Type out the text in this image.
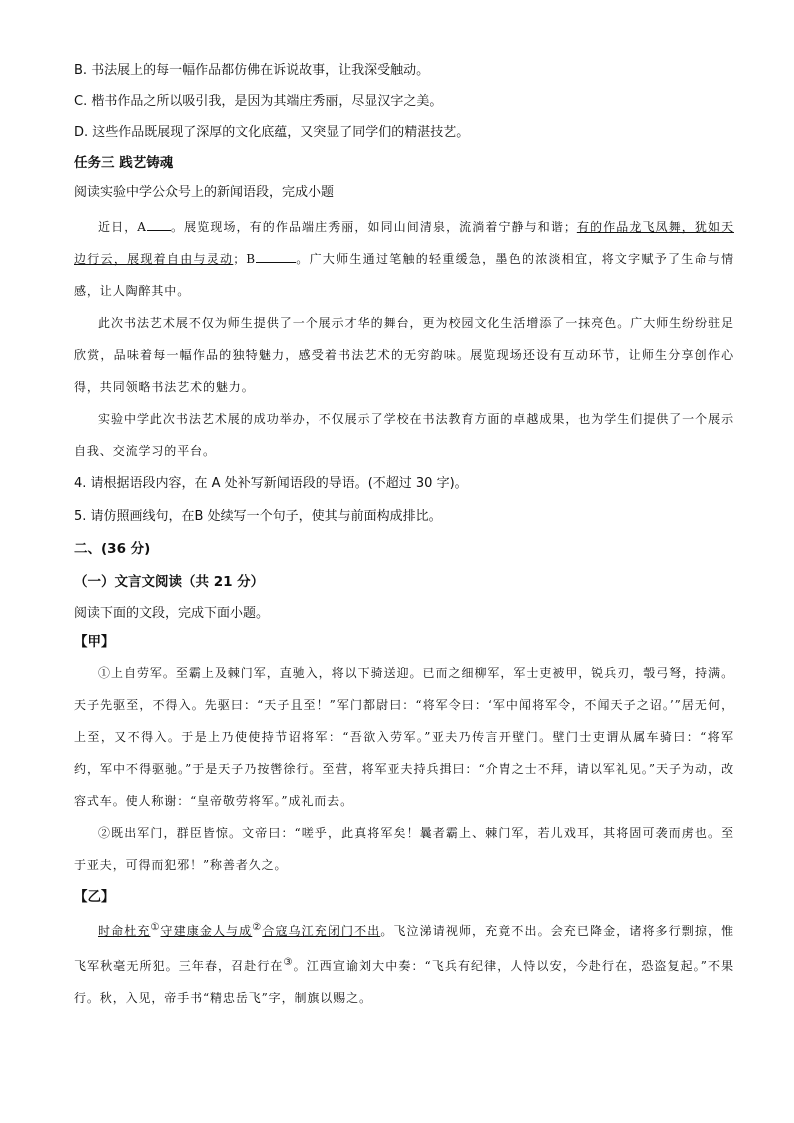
B. 书法展上的每一幅作品都仿佛在诉说故事，让我深受触动。
C. 楷书作品之所以吸引我，是因为其端庄秀丽，尽显汉字之美。
D. 这些作品既展现了深厚的文化底蕴，又突显了同学们的精湛技艺。
任务三 践艺铸魂
阅读实验中学公众号上的新闻语段，完成小题
近日，A 。展览现场，有的作品端庄秀丽，如同山间清泉，流淌着宁静与和谐；有的作品龙飞凤舞，犹如天边行云，展现着自由与灵动；B	。广大师生通过笔触的轻重缓急，墨色的浓淡相宜，将文字赋予了生命与情感，让人陶醉其中。
此次书法艺术展不仅为师生提供了一个展示才华的舞台，更为校园文化生活增添了一抹亮色。广大师生纷纷驻足欣赏，品味着每一幅作品的独特魅力，感受着书法艺术的无穷韵味。展览现场还设有互动环节，让师生分享创作心得，共同领略书法艺术的魅力。
实验中学此次书法艺术展的成功举办，不仅展示了学校在书法教育方面的卓越成果，也为学生们提供了一个展示自我、交流学习的平台。
4. 请根据语段内容，在 A 处补写新闻语段的导语。(不超过 30 字)。
5. 请仿照画线句，在B 处续写一个句子，使其与前面构成排比。
二、(36 分)
（一）文言文阅读（共 21 分）
阅读下面的文段，完成下面小题。
【甲】
①上自劳军。至霸上及棘门军，直驰入，将以下骑送迎。已而之细柳军，军士吏被甲，锐兵刃，彀弓弩，持满。天子先驱至，不得入。先驱曰：“天子且至！”军门都尉曰：“将军令曰：‘军中闻将军令，不闻天子之诏。’”居无何，上至，又不得入。于是上乃使使持节诏将军：“吾欲入劳军。”亚夫乃传言开壁门。壁门士吏谓从属车骑曰：“将军约，军中不得驱驰。”于是天子乃按辔徐行。至营，将军亚夫持兵揖曰：“介胄之士不拜，请以军礼见。”天子为动，改容式车。使人称谢：“皇帝敬劳将军。”成礼而去。
②既出军门，群臣皆惊。文帝曰：“嗟乎，此真将军矣！曩者霸上、棘门军，若儿戏耳，其将固可袭而虏也。至于亚夫，可得而犯邪！”称善者久之。
【乙】
时命杜充①守建康金人与成②合寇乌江充闭门不出。飞泣涕请视师，充竟不出。会充已降金，诸将多行剽掠，惟飞军秋毫无所犯。三年春，召赴行在③。江西宣谕刘大中奏：“飞兵有纪律，人恃以安，今赴行在，恐盗复起。”不果行。秋，入见，帝手书“精忠岳飞”字，制旗以赐之。
